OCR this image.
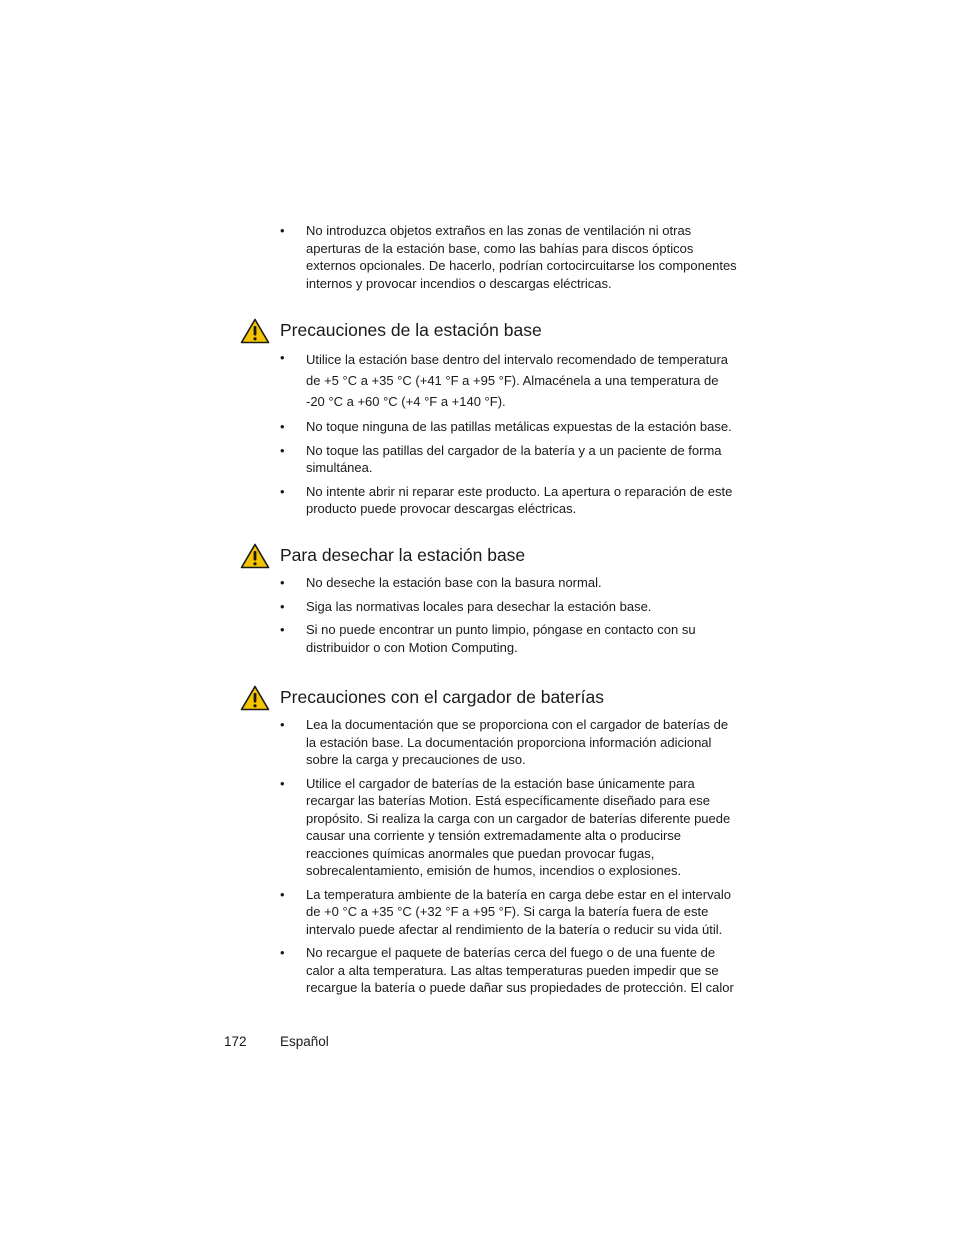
•	No introduzca objetos extraños en las zonas de ventilación ni otras aperturas de la estación base, como las bahías para discos ópticos externos opcionales. De hacerlo, podrían cortocircuitarse los componentes internos y provocar incendios o descargas eléctricas.
Precauciones de la estación base
•	Utilice la estación base dentro del intervalo recomendado de temperatura de +5 °C a +35 °C (+41 °F a +95 °F). Almacénela a una temperatura de -20 °C a +60 °C (+4 °F a +140 °F).
•	No toque ninguna de las patillas metálicas expuestas de la estación base.
•	No toque las patillas del cargador de la batería y a un paciente de forma simultánea.
•	No intente abrir ni reparar este producto. La apertura o reparación de este producto puede provocar descargas eléctricas.
Para desechar la estación base
•	No deseche la estación base con la basura normal.
•	Siga las normativas locales para desechar la estación base.
•	Si no puede encontrar un punto limpio, póngase en contacto con su distribuidor o con Motion Computing.
Precauciones con el cargador de baterías
•	Lea la documentación que se proporciona con el cargador de baterías de la estación base. La documentación proporciona información adicional sobre la carga y precauciones de uso.
•	Utilice el cargador de baterías de la estación base únicamente para recargar las baterías Motion. Está específicamente diseñado para ese propósito. Si realiza la carga con un cargador de baterías diferente puede causar una corriente y tensión extremadamente alta o producirse reacciones químicas anormales que puedan provocar fugas, sobrecalentamiento, emisión de humos, incendios o explosiones.
•	La temperatura ambiente de la batería en carga debe estar en el intervalo de +0 °C a +35 °C (+32 °F a +95 °F). Si carga la batería fuera de este intervalo puede afectar al rendimiento de la batería o reducir su vida útil.
•	No recargue el paquete de baterías cerca del fuego o de una fuente de calor a alta temperatura. Las altas temperaturas pueden impedir que se recargue la batería o puede dañar sus propiedades de protección. El calor
172 Español
